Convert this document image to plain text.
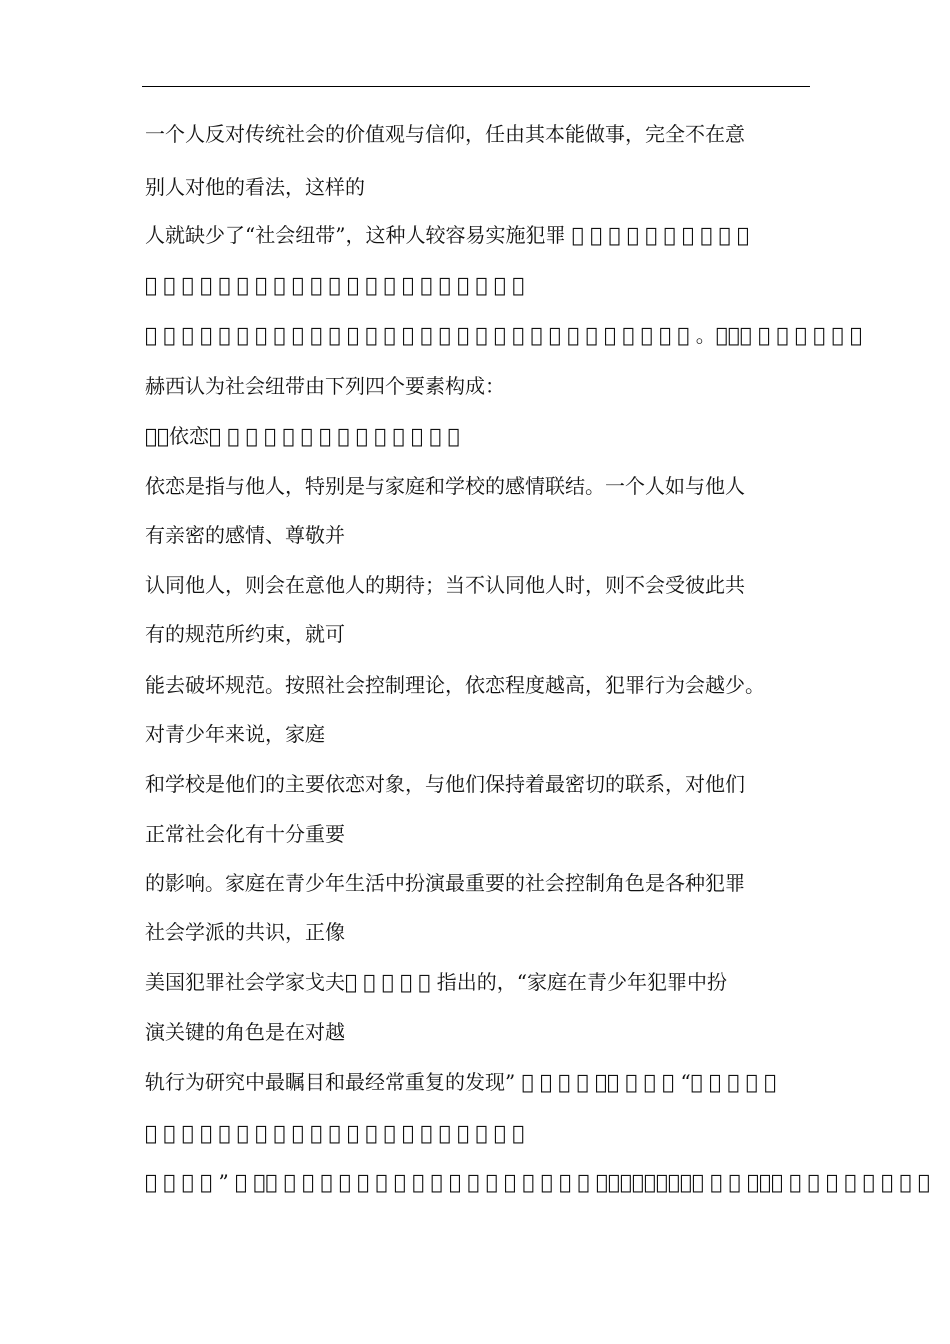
一个人反对传统社会的价值观与信仰，任由其本能做事，完全不在意
别人对他的看法，这样的
人就缺少了“社会纽带”，这种人较容易实施犯罪 􀀁 􀀁 􀀁 􀀁 􀀁 􀀁 􀀁 􀀁 􀀁 􀀁
􀀁 􀀁 􀀁 􀀁 􀀁 􀀁 􀀁 􀀁 􀀁 􀀁 􀀁 􀀁 􀀁 􀀁 􀀁 􀀁 􀀁 􀀁 􀀁 􀀁 􀀁
􀀁 􀀁 􀀁 􀀁 􀀁 􀀁 􀀁 􀀁 􀀁 􀀁 􀀁 􀀁 􀀁 􀀁 􀀁 􀀁 􀀁 􀀁 􀀁 􀀁 􀀁 􀀁 􀀁 􀀁 􀀁 􀀁 􀀁 􀀁 􀀁 􀀁 。􀀁􀀁􀀁 􀀁 􀀁 􀀁 􀀁 􀀁 􀀁
赫西认为社会纽带由下列四个要素构成：
􀀁．依恋􀀁 􀀁 􀀁 􀀁 􀀁 􀀁 􀀁 􀀁 􀀁 􀀁 􀀁 􀀁 􀀁 􀀁
依恋是指与他人，特别是与家庭和学校的感情联结。一个人如与他人
有亲密的感情、尊敬并
认同他人，则会在意他人的期待；当不认同他人时，则不会受彼此共
有的规范所约束，就可
能去破坏规范。按照社会控制理论，依恋程度越高，犯罪行为会越少。
对青少年来说，家庭
和学校是他们的主要依恋对象，与他们保持着最密切的联系，对他们
正常社会化有十分重要
的影响。家庭在青少年生活中扮演最重要的社会控制角色是各种犯罪
社会学派的共识，正像
美国犯罪社会学家戈夫􀀁 􀀁 􀀁 􀀁 􀀁 指出的，“家庭在青少年犯罪中扮
演关键的角色是在对越
轨行为研究中最瞩目和最经常重复的发现” 􀀁 􀀁 􀀁 􀀁 􀀁􀀁 􀀁 􀀁 􀀁 “􀀁 􀀁 􀀁 􀀁 􀀁
􀀁 􀀁 􀀁 􀀁 􀀁 􀀁 􀀁 􀀁 􀀁 􀀁 􀀁 􀀁 􀀁 􀀁 􀀁 􀀁 􀀁 􀀁 􀀁 􀀁 􀀁
􀀁 􀀁 􀀁 􀀁 ” 􀀁 􀀁􀀁 􀀁 􀀁 􀀁 􀀁 􀀁 􀀁 􀀁 􀀁 􀀁 􀀁 􀀁 􀀁 􀀁 􀀁 􀀁 􀀁 􀀁 ：􀀁􀀁􀀁􀀁􀀁～􀀁􀀁 􀀁 􀀁 􀀁．􀀁 􀀁 􀀁 􀀁 􀀁 􀀁 􀀁 􀀁 􀀁
